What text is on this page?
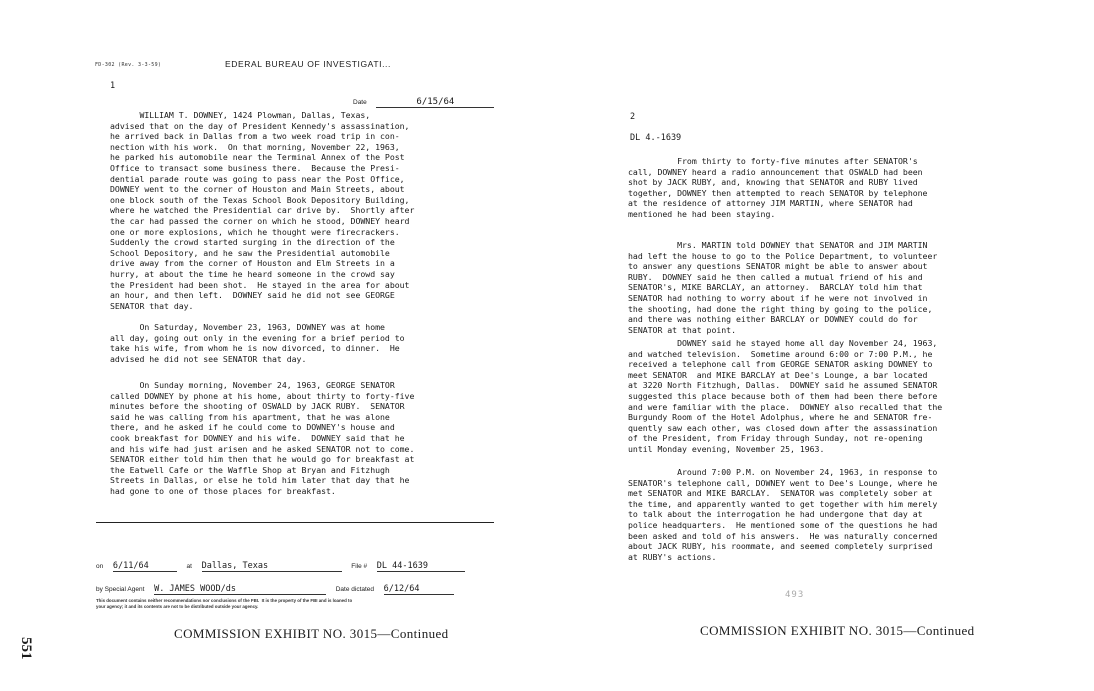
FD-302 (Rev. 3-3-59)	EDERAL BUREAU OF INVESTIGATI...
1
Date	6/15/64
WILLIAM T. DOWNEY, 1424 Plowman, Dallas, Texas,
advised that on the day of President Kennedy's assassination,
he arrived back in Dallas from a two week road trip in con-
nection with his work.  On that morning, November 22, 1963,
he parked his automobile near the Terminal Annex of the Post
Office to transact some business there.  Because the Presi-
dential parade route was going to pass near the Post Office,
DOWNEY went to the corner of Houston and Main Streets, about
one block south of the Texas School Book Depository Building,
where he watched the Presidential car drive by.  Shortly after
the car had passed the corner on which he stood, DOWNEY heard
one or more explosions, which he thought were firecrackers.
Suddenly the crowd started surging in the direction of the
School Depository, and he saw the Presidential automobile
drive away from the corner of Houston and Elm Streets in a
hurry, at about the time he heard someone in the crowd say
the President had been shot.  He stayed in the area for about
an hour, and then left.  DOWNEY said he did not see GEORGE
SENATOR that day.
On Saturday, November 23, 1963, DOWNEY was at home
all day, going out only in the evening for a brief period to
take his wife, from whom he is now divorced, to dinner.  He
advised he did not see SENATOR that day.
On Sunday morning, November 24, 1963, GEORGE SENATOR
called DOWNEY by phone at his home, about thirty to forty-five
minutes before the shooting of OSWALD by JACK RUBY.  SENATOR
said he was calling from his apartment, that he was alone
there, and he asked if he could come to DOWNEY's house and
cook breakfast for DOWNEY and his wife.  DOWNEY said that he
and his wife had just arisen and he asked SENATOR not to come.
SENATOR either told him then that he would go for breakfast at
the Eatwell Cafe or the Waffle Shop at Bryan and Fitzhugh
Streets in Dallas, or else he told him later that day that he
had gone to one of those places for breakfast.
on 6/11/64	at Dallas, Texas	File # DL 44-1639
by Special Agent W. JAMES WOOD/ds	Date dictated 6/12/64
This document contains neither recommendations nor conclusions of the FBI.  It is the property of the FBI and is loaned to
your agency; it and its contents are not to be distributed outside your agency.
COMMISSION EXHIBIT NO. 3015—Continued
551
2
DL 4.-1639
From thirty to forty-five minutes after SENATOR's
call, DOWNEY heard a radio announcement that OSWALD had been
shot by JACK RUBY, and, knowing that SENATOR and RUBY lived
together, DOWNEY then attempted to reach SENATOR by telephone
at the residence of attorney JIM MARTIN, where SENATOR had
mentioned he had been staying.
Mrs. MARTIN told DOWNEY that SENATOR and JIM MARTIN
had left the house to go to the Police Department, to volunteer
to answer any questions SENATOR might be able to answer about
RUBY.  DOWNEY said he then called a mutual friend of his and
SENATOR's, MIKE BARCLAY, an attorney.  BARCLAY told him that
SENATOR had nothing to worry about if he were not involved in
the shooting, had done the right thing by going to the police,
and there was nothing either BARCLAY or DOWNEY could do for
SENATOR at that point.
DOWNEY said he stayed home all day November 24, 1963,
and watched television.  Sometime around 6:00 or 7:00 P.M., he
received a telephone call from GEORGE SENATOR asking DOWNEY to
meet SENATOR  and MIKE BARCLAY at Dee's Lounge, a bar located
at 3220 North Fitzhugh, Dallas.  DOWNEY said he assumed SENATOR
suggested this place because both of them had been there before
and were familiar with the place.  DOWNEY also recalled that the
Burgundy Room of the Hotel Adolphus, where he and SENATOR fre-
quently saw each other, was closed down after the assassination
of the President, from Friday through Sunday, not re-opening
until Monday evening, November 25, 1963.
Around 7:00 P.M. on November 24, 1963, in response to
SENATOR's telephone call, DOWNEY went to Dee's Lounge, where he
met SENATOR and MIKE BARCLAY.  SENATOR was completely sober at
the time, and apparently wanted to get together with him merely
to talk about the interrogation he had undergone that day at
police headquarters.  He mentioned some of the questions he had
been asked and told of his answers.  He was naturally concerned
about JACK RUBY, his roommate, and seemed completely surprised
at RUBY's actions.
493
COMMISSION EXHIBIT NO. 3015—Continued
